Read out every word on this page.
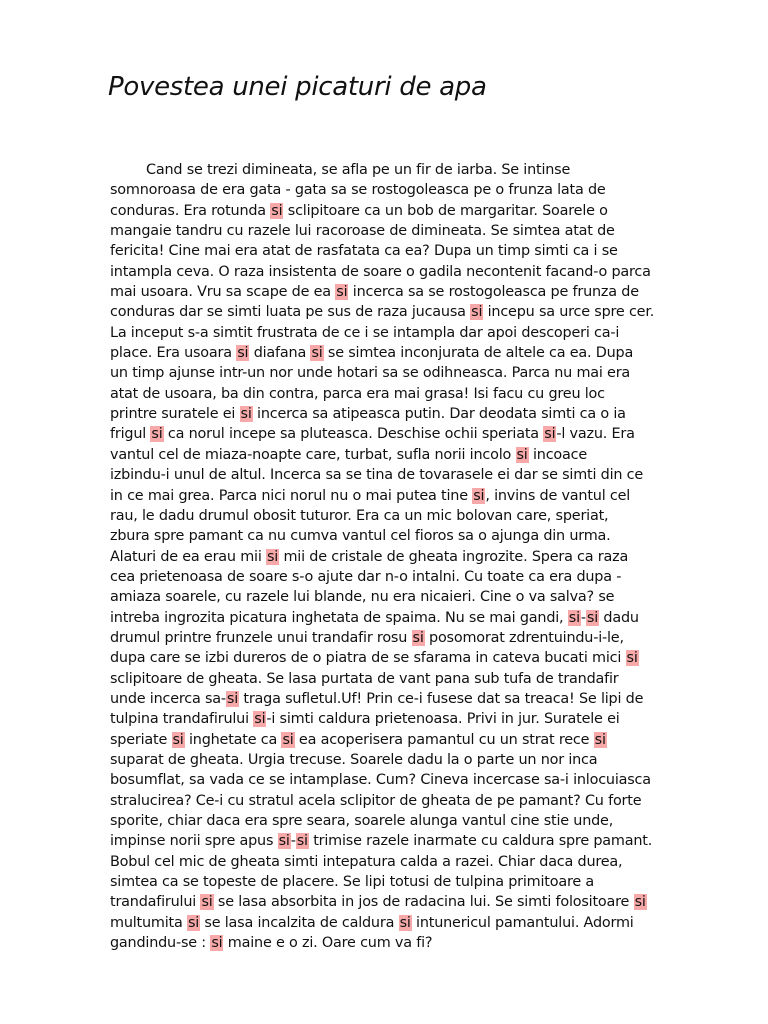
Povestea unei picaturi de apa
Cand se trezi dimineata, se afla pe un fir de iarba. Se intinse
somnoroasa de era gata - gata sa se rostogoleasca pe o frunza lata de
conduras. Era rotunda si sclipitoare ca un bob de margaritar. Soarele o
mangaie tandru cu razele lui racoroase de dimineata. Se simtea atat de
fericita! Cine mai era atat de rasfatata ca ea? Dupa un timp simti ca i se
intampla ceva. O raza insistenta de soare o gadila necontenit facand-o parca
mai usoara. Vru sa scape de ea si incerca sa se rostogoleasca pe frunza de
conduras dar se simti luata pe sus de raza jucausa si incepu sa urce spre cer.
La inceput s-a simtit frustrata de ce i se intampla dar apoi descoperi ca-i
place. Era usoara si diafana si se simtea inconjurata de altele ca ea. Dupa
un timp ajunse intr-un nor unde hotari sa se odihneasca. Parca nu mai era
atat de usoara, ba din contra, parca era mai grasa! Isi facu cu greu loc
printre suratele ei si incerca sa atipeasca putin. Dar deodata simti ca o ia
frigul si ca norul incepe sa pluteasca. Deschise ochii speriata si-l vazu. Era
vantul cel de miaza-noapte care, turbat, sufla norii incolo si incoace
izbindu-i unul de altul. Incerca sa se tina de tovarasele ei dar se simti din ce
in ce mai grea. Parca nici norul nu o mai putea tine si, invins de vantul cel
rau, le dadu drumul obosit tuturor. Era ca un mic bolovan care, speriat,
zbura spre pamant ca nu cumva vantul cel fioros sa o ajunga din urma.
Alaturi de ea erau mii si mii de cristale de gheata ingrozite. Spera ca raza
cea prietenoasa de soare s-o ajute dar n-o intalni. Cu toate ca era dupa -
amiaza soarele, cu razele lui blande, nu era nicaieri. Cine o va salva? se
intreba ingrozita picatura inghetata de spaima. Nu se mai gandi, si-si dadu
drumul printre frunzele unui trandafir rosu si posomorat zdrentuindu-i-le,
dupa care se izbi dureros de o piatra de se sfarama in cateva bucati mici si
sclipitoare de gheata. Se lasa purtata de vant pana sub tufa de trandafir
unde incerca sa-si traga sufletul.Uf! Prin ce-i fusese dat sa treaca! Se lipi de
tulpina trandafirului si-i simti caldura prietenoasa. Privi in jur. Suratele ei
speriate si inghetate ca si ea acoperisera pamantul cu un strat rece si
suparat de gheata. Urgia trecuse. Soarele dadu la o parte un nor inca
bosumflat, sa vada ce se intamplase. Cum? Cineva incercase sa-i inlocuiasca
stralucirea? Ce-i cu stratul acela sclipitor de gheata de pe pamant? Cu forte
sporite, chiar daca era spre seara, soarele alunga vantul cine stie unde,
impinse norii spre apus si-si trimise razele inarmate cu caldura spre pamant.
Bobul cel mic de gheata simti intepatura calda a razei. Chiar daca durea,
simtea ca se topeste de placere. Se lipi totusi de tulpina primitoare a
trandafirului si se lasa absorbita in jos de radacina lui. Se simti folositoare si
multumita si se lasa incalzita de caldura si intunericul pamantului. Adormi
gandindu-se : si maine e o zi. Oare cum va fi?
